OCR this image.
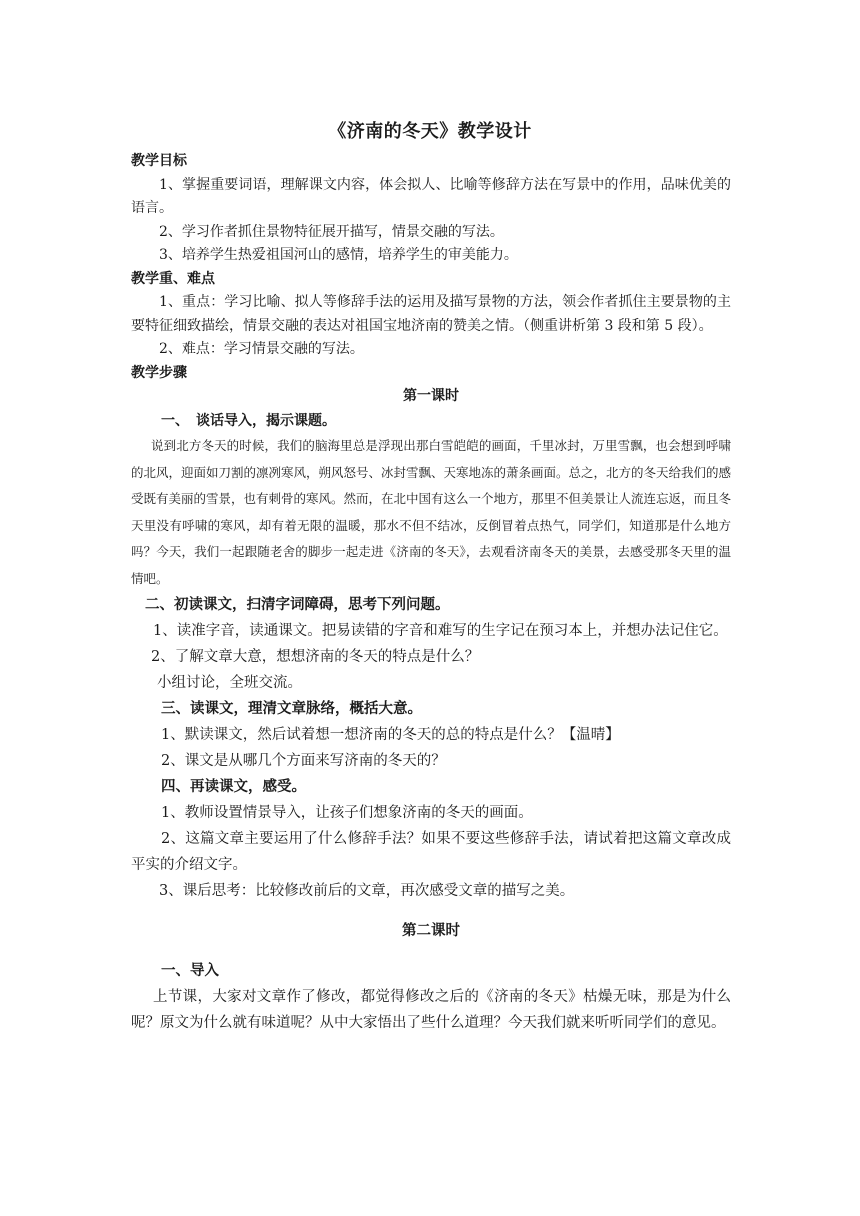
《济南的冬天》教学设计

教学目标

1、掌握重要词语，理解课文内容，体会拟人、比喻等修辞方法在写景中的作用，品味优美的语言。

2、学习作者抓住景物特征展开描写，情景交融的写法。

3、培养学生热爱祖国河山的感情，培养学生的审美能力。

教学重、难点

1、重点：学习比喻、拟人等修辞手法的运用及描写景物的方法，领会作者抓住主要景物的主要特征细致描绘，情景交融的表达对祖国宝地济南的赞美之情。（侧重讲析第 3 段和第 5 段）。

2、难点：学习情景交融的写法。

教学步骤

第一课时

一、　谈话导入，揭示课题。

说到北方冬天的时候，我们的脑海里总是浮现出那白雪皑皑的画面，千里冰封，万里雪飘，也会想到呼啸的北风，迎面如刀割的凛冽寒风，朔风怒号、冰封雪飘、天寒地冻的萧条画面。总之，北方的冬天给我们的感受既有美丽的雪景，也有刺骨的寒风。然而，在北中国有这么一个地方，那里不但美景让人流连忘返，而且冬天里没有呼啸的寒风，却有着无限的温暖，那水不但不结冰，反倒冒着点热气，同学们，知道那是什么地方吗？今天，我们一起跟随老舍的脚步一起走进《济南的冬天》，去观看济南冬天的美景，去感受那冬天里的温情吧。

二、初读课文，扫清字词障碍，思考下列问题。

1、读准字音，读通课文。把易读错的字音和难写的生字记在预习本上，并想办法记住它。

2、了解文章大意，想想济南的冬天的特点是什么？

小组讨论，全班交流。

三、读课文，理清文章脉络，概括大意。

1、默读课文，然后试着想一想济南的冬天的总的特点是什么？【温晴】

2、课文是从哪几个方面来写济南的冬天的？

四、再读课文，感受。

1、教师设置情景导入，让孩子们想象济南的冬天的画面。

2、这篇文章主要运用了什么修辞手法？如果不要这些修辞手法，请试着把这篇文章改成平实的介绍文字。

3、课后思考：比较修改前后的文章，再次感受文章的描写之美。

第二课时

一、导入

上节课，大家对文章作了修改，都觉得修改之后的《济南的冬天》枯燥无味，那是为什么呢？原文为什么就有味道呢？从中大家悟出了些什么道理？今天我们就来听听同学们的意见。
